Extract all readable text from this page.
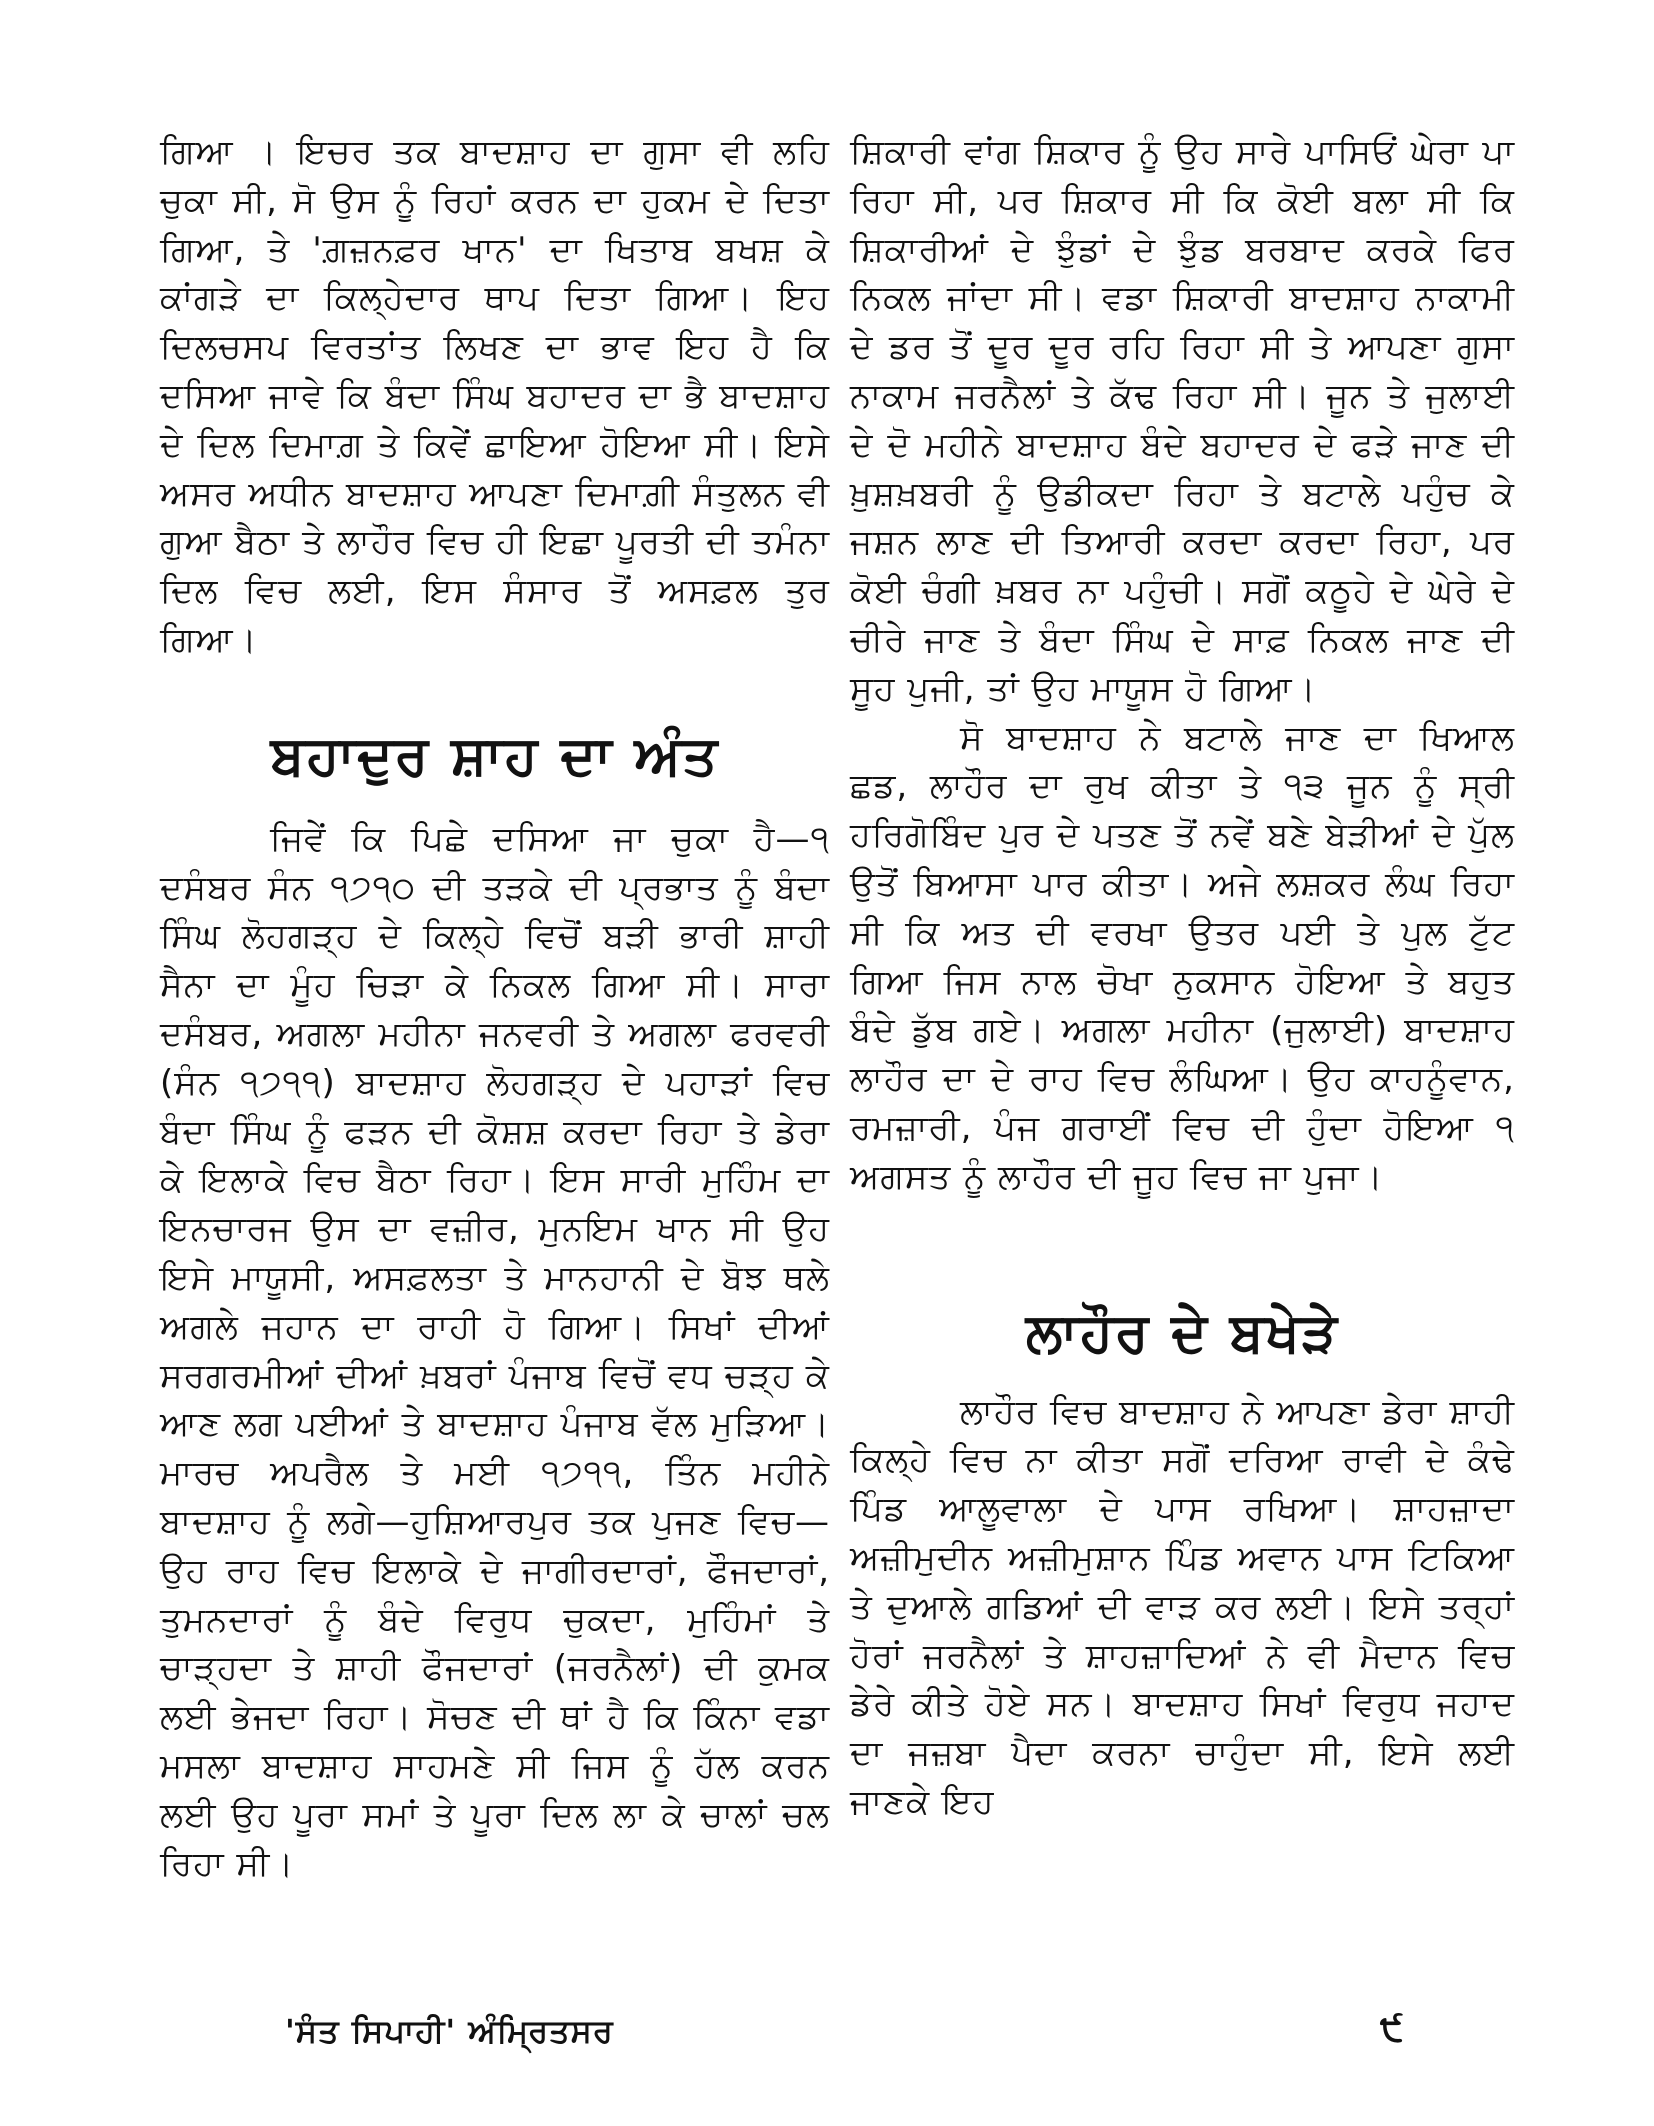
ਗਿਆ । ਇਚਰ ਤਕ ਬਾਦਸ਼ਾਹ ਦਾ ਗੁਸਾ ਵੀ ਲਹਿ ਚੁਕਾ ਸੀ, ਸੋ ਉਸ ਨੂੰ ਰਿਹਾਂ ਕਰਨ ਦਾ ਹੁਕਮ ਦੇ ਦਿਤਾ ਗਿਆ, ਤੇ 'ਗ਼ਜ਼ਨਫ਼ਰ ਖਾਨ' ਦਾ ਖਿਤਾਬ ਬਖਸ਼ ਕੇ ਕਾਂਗੜੇ ਦਾ ਕਿਲ੍ਹੇਦਾਰ ਥਾਪ ਦਿਤਾ ਗਿਆ। ਇਹ ਦਿਲਚਸਪ ਵਿਰਤਾਂਤ ਲਿਖਣ ਦਾ ਭਾਵ ਇਹ ਹੈ ਕਿ ਦਸਿਆ ਜਾਵੇ ਕਿ ਬੰਦਾ ਸਿੰਘ ਬਹਾਦਰ ਦਾ ਭੈ ਬਾਦਸ਼ਾਹ ਦੇ ਦਿਲ ਦਿਮਾਗ਼ ਤੇ ਕਿਵੇਂ ਛਾਇਆ ਹੋਇਆ ਸੀ। ਇਸੇ ਅਸਰ ਅਧੀਨ ਬਾਦਸ਼ਾਹ ਆਪਣਾ ਦਿਮਾਗ਼ੀ ਸੰਤੁਲਨ ਵੀ ਗੁਆ ਬੈਠਾ ਤੇ ਲਾਹੌਰ ਵਿਚ ਹੀ ਇਛਾ ਪੂਰਤੀ ਦੀ ਤਮੰਨਾ ਦਿਲ ਵਿਚ ਲਈ, ਇਸ ਸੰਸਾਰ ਤੋਂ ਅਸਫ਼ਲ ਤੁਰ ਗਿਆ।

ਬਹਾਦੁਰ ਸ਼ਾਹ ਦਾ ਅੰਤ

ਜਿਵੇਂ ਕਿ ਪਿਛੇ ਦਸਿਆ ਜਾ ਚੁਕਾ ਹੈ—੧ ਦਸੰਬਰ ਸੰਨ ੧੭੧੦ ਦੀ ਤੜਕੇ ਦੀ ਪ੍ਰਭਾਤ ਨੂੰ ਬੰਦਾ ਸਿੰਘ ਲੋਹਗੜ੍ਹ ਦੇ ਕਿਲ੍ਹੇ ਵਿਚੋਂ ਬੜੀ ਭਾਰੀ ਸ਼ਾਹੀ ਸੈਨਾ ਦਾ ਮੂੰਹ ਚਿੜਾ ਕੇ ਨਿਕਲ ਗਿਆ ਸੀ। ਸਾਰਾ ਦਸੰਬਰ, ਅਗਲਾ ਮਹੀਨਾ ਜਨਵਰੀ ਤੇ ਅਗਲਾ ਫਰਵਰੀ (ਸੰਨ ੧੭੧੧) ਬਾਦਸ਼ਾਹ ਲੋਹਗੜ੍ਹ ਦੇ ਪਹਾੜਾਂ ਵਿਚ ਬੰਦਾ ਸਿੰਘ ਨੂੰ ਫੜਨ ਦੀ ਕੋਸ਼ਸ਼ ਕਰਦਾ ਰਿਹਾ ਤੇ ਡੇਰਾ ਕੇ ਇਲਾਕੇ ਵਿਚ ਬੈਠਾ ਰਿਹਾ। ਇਸ ਸਾਰੀ ਮੁਹਿੰਮ ਦਾ ਇਨਚਾਰਜ ਉਸ ਦਾ ਵਜ਼ੀਰ, ਮੁਨਇਮ ਖਾਨ ਸੀ ਉਹ ਇਸੇ ਮਾਯੂਸੀ, ਅਸਫ਼ਲਤਾ ਤੇ ਮਾਨਹਾਨੀ ਦੇ ਬੋਝ ਥਲੇ ਅਗਲੇ ਜਹਾਨ ਦਾ ਰਾਹੀ ਹੋ ਗਿਆ। ਸਿਖਾਂ ਦੀਆਂ ਸਰਗਰਮੀਆਂ ਦੀਆਂ ਖ਼ਬਰਾਂ ਪੰਜਾਬ ਵਿਚੋਂ ਵਧ ਚੜ੍ਹ ਕੇ ਆਣ ਲਗ ਪਈਆਂ ਤੇ ਬਾਦਸ਼ਾਹ ਪੰਜਾਬ ਵੱਲ ਮੁੜਿਆ। ਮਾਰਚ ਅਪਰੈਲ ਤੇ ਮਈ ੧੭੧੧, ਤਿੰਨ ਮਹੀਨੇ ਬਾਦਸ਼ਾਹ ਨੂੰ ਲਗੇ—ਹੁਸ਼ਿਆਰਪੁਰ ਤਕ ਪੁਜਣ ਵਿਚ—ਉਹ ਰਾਹ ਵਿਚ ਇਲਾਕੇ ਦੇ ਜਾਗੀਰਦਾਰਾਂ, ਫੌਜਦਾਰਾਂ, ਤੁਮਨਦਾਰਾਂ ਨੂੰ ਬੰਦੇ ਵਿਰੁਧ ਚੁਕਦਾ, ਮੁਹਿੰਮਾਂ ਤੇ ਚਾੜ੍ਹਦਾ ਤੇ ਸ਼ਾਹੀ ਫੌਜਦਾਰਾਂ (ਜਰਨੈਲਾਂ) ਦੀ ਕੁਮਕ ਲਈ ਭੇਜਦਾ ਰਿਹਾ। ਸੋਚਣ ਦੀ ਥਾਂ ਹੈ ਕਿ ਕਿੰਨਾ ਵਡਾ ਮਸਲਾ ਬਾਦਸ਼ਾਹ ਸਾਹਮਣੇ ਸੀ ਜਿਸ ਨੂੰ ਹੱਲ ਕਰਨ ਲਈ ਉਹ ਪੂਰਾ ਸਮਾਂ ਤੇ ਪੂਰਾ ਦਿਲ ਲਾ ਕੇ ਚਾਲਾਂ ਚਲ ਰਿਹਾ ਸੀ।

ਸ਼ਿਕਾਰੀ ਵਾਂਗ ਸ਼ਿਕਾਰ ਨੂੰ ਉਹ ਸਾਰੇ ਪਾਸਿਓਂ ਘੇਰਾ ਪਾ ਰਿਹਾ ਸੀ, ਪਰ ਸ਼ਿਕਾਰ ਸੀ ਕਿ ਕੋਈ ਬਲਾ ਸੀ ਕਿ ਸ਼ਿਕਾਰੀਆਂ ਦੇ ਝੁੰਡਾਂ ਦੇ ਝੁੰਡ ਬਰਬਾਦ ਕਰਕੇ ਫਿਰ ਨਿਕਲ ਜਾਂਦਾ ਸੀ। ਵਡਾ ਸ਼ਿਕਾਰੀ ਬਾਦਸ਼ਾਹ ਨਾਕਾਮੀ ਦੇ ਡਰ ਤੋਂ ਦੂਰ ਦੂਰ ਰਹਿ ਰਿਹਾ ਸੀ ਤੇ ਆਪਣਾ ਗੁਸਾ ਨਾਕਾਮ ਜਰਨੈਲਾਂ ਤੇ ਕੱਢ ਰਿਹਾ ਸੀ। ਜੂਨ ਤੇ ਜੁਲਾਈ ਦੇ ਦੋ ਮਹੀਨੇ ਬਾਦਸ਼ਾਹ ਬੰਦੇ ਬਹਾਦਰ ਦੇ ਫੜੇ ਜਾਣ ਦੀ ਖ਼ੁਸ਼ਖ਼ਬਰੀ ਨੂੰ ਉਡੀਕਦਾ ਰਿਹਾ ਤੇ ਬਟਾਲੇ ਪਹੁੰਚ ਕੇ ਜਸ਼ਨ ਲਾਣ ਦੀ ਤਿਆਰੀ ਕਰਦਾ ਕਰਦਾ ਰਿਹਾ, ਪਰ ਕੋਈ ਚੰਗੀ ਖ਼ਬਰ ਨਾ ਪਹੁੰਚੀ। ਸਗੋਂ ਕਠੂਹੇ ਦੇ ਘੇਰੇ ਦੇ ਚੀਰੇ ਜਾਣ ਤੇ ਬੰਦਾ ਸਿੰਘ ਦੇ ਸਾਫ਼ ਨਿਕਲ ਜਾਣ ਦੀ ਸੂਹ ਪੁਜੀ, ਤਾਂ ਉਹ ਮਾਯੂਸ ਹੋ ਗਿਆ।

ਸੋ ਬਾਦਸ਼ਾਹ ਨੇ ਬਟਾਲੇ ਜਾਣ ਦਾ ਖਿਆਲ ਛਡ, ਲਾਹੌਰ ਦਾ ਰੁਖ ਕੀਤਾ ਤੇ ੧੩ ਜੂਨ ਨੂੰ ਸ੍ਰੀ ਹਰਿਗੋਬਿੰਦ ਪੁਰ ਦੇ ਪਤਣ ਤੋਂ ਨਵੇਂ ਬਣੇ ਬੇੜੀਆਂ ਦੇ ਪੁੱਲ ਉਤੋਂ ਬਿਆਸਾ ਪਾਰ ਕੀਤਾ। ਅਜੇ ਲਸ਼ਕਰ ਲੰਘ ਰਿਹਾ ਸੀ ਕਿ ਅਤ ਦੀ ਵਰਖਾ ਉਤਰ ਪਈ ਤੇ ਪੁਲ ਟੁੱਟ ਗਿਆ ਜਿਸ ਨਾਲ ਚੋਖਾ ਨੁਕਸਾਨ ਹੋਇਆ ਤੇ ਬਹੁਤ ਬੰਦੇ ਡੁੱਬ ਗਏ। ਅਗਲਾ ਮਹੀਨਾ (ਜੁਲਾਈ) ਬਾਦਸ਼ਾਹ ਲਾਹੌਰ ਦਾ ਦੇ ਰਾਹ ਵਿਚ ਲੰਘਿਆ। ਉਹ ਕਾਹਨੂੰਵਾਨ, ਰਮਜ਼ਾਰੀ, ਪੰਜ ਗਰਾਈਂ ਵਿਚ ਦੀ ਹੁੰਦਾ ਹੋਇਆ ੧ ਅਗਸਤ ਨੂੰ ਲਾਹੌਰ ਦੀ ਜੂਹ ਵਿਚ ਜਾ ਪੁਜਾ।

ਲਾਹੌਰ ਦੇ ਬਖੇੜੇ

ਲਾਹੌਰ ਵਿਚ ਬਾਦਸ਼ਾਹ ਨੇ ਆਪਣਾ ਡੇਰਾ ਸ਼ਾਹੀ ਕਿਲ੍ਹੇ ਵਿਚ ਨਾ ਕੀਤਾ ਸਗੋਂ ਦਰਿਆ ਰਾਵੀ ਦੇ ਕੰਢੇ ਪਿੰਡ ਆਲੂਵਾਲਾ ਦੇ ਪਾਸ ਰਖਿਆ। ਸ਼ਾਹਜ਼ਾਦਾ ਅਜ਼ੀਮੁਦੀਨ ਅਜ਼ੀਮੁਸ਼ਾਨ ਪਿੰਡ ਅਵਾਨ ਪਾਸ ਟਿਕਿਆ ਤੇ ਦੁਆਲੇ ਗਡਿਆਂ ਦੀ ਵਾੜ ਕਰ ਲਈ। ਇਸੇ ਤਰ੍ਹਾਂ ਹੋਰਾਂ ਜਰਨੈਲਾਂ ਤੇ ਸ਼ਾਹਜ਼ਾਦਿਆਂ ਨੇ ਵੀ ਮੈਦਾਨ ਵਿਚ ਡੇਰੇ ਕੀਤੇ ਹੋਏ ਸਨ। ਬਾਦਸ਼ਾਹ ਸਿਖਾਂ ਵਿਰੁਧ ਜਹਾਦ ਦਾ ਜਜ਼ਬਾ ਪੈਦਾ ਕਰਨਾ ਚਾਹੁੰਦਾ ਸੀ, ਇਸੇ ਲਈ ਜਾਣਕੇ ਇਹ

'ਸੰਤ ਸਿਪਾਹੀ' ਅੰਮ੍ਰਿਤਸਰ	੯
